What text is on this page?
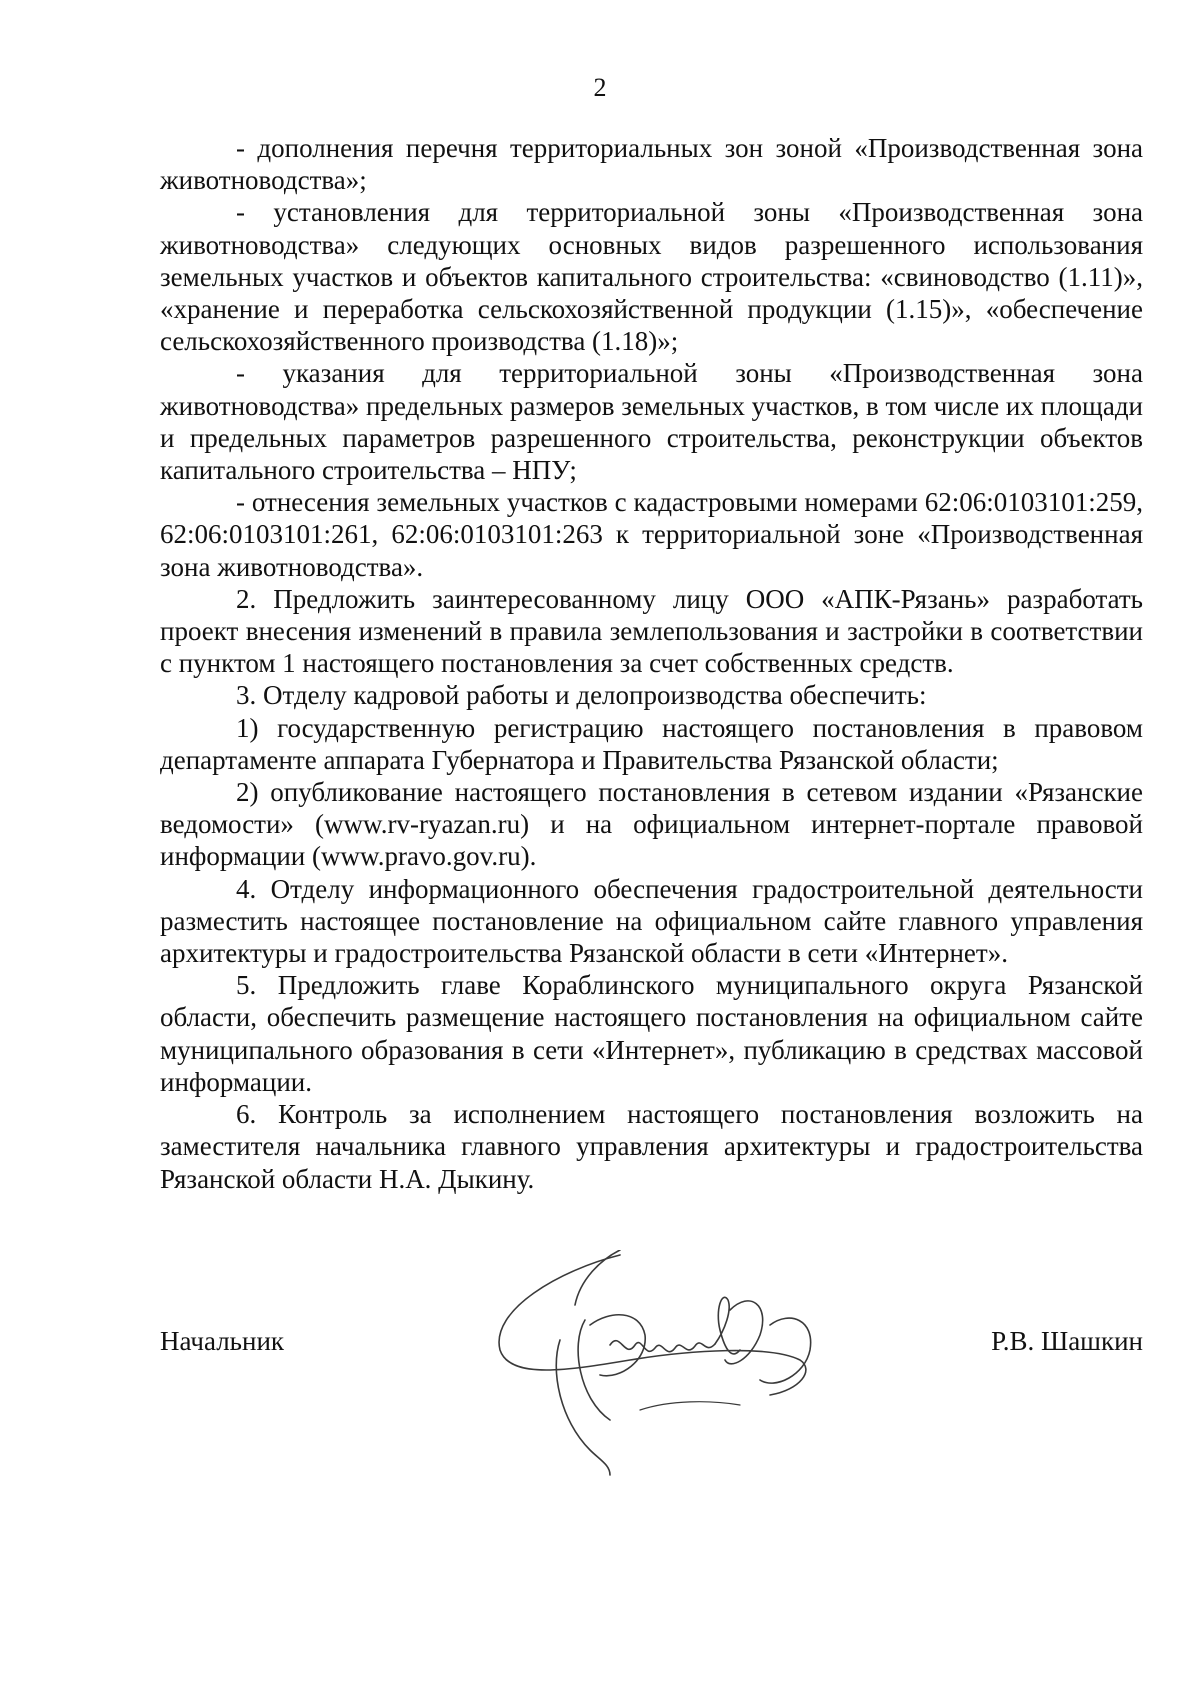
2

- дополнения перечня территориальных зон зоной «Производственная зона животноводства»;

- установления для территориальной зоны «Производственная зона животноводства» следующих основных видов разрешенного использования земельных участков и объектов капитального строительства: «свиноводство (1.11)», «хранение и переработка сельскохозяйственной продукции (1.15)», «обеспечение сельскохозяйственного производства (1.18)»;

- указания для территориальной зоны «Производственная зона животноводства» предельных размеров земельных участков, в том числе их площади и предельных параметров разрешенного строительства, реконструкции объектов капитального строительства – НПУ;

- отнесения земельных участков с кадастровыми номерами 62:06:0103101:259, 62:06:0103101:261, 62:06:0103101:263 к территориальной зоне «Производственная зона животноводства».

2. Предложить заинтересованному лицу ООО «АПК-Рязань» разработать проект внесения изменений в правила землепользования и застройки в соответствии с пунктом 1 настоящего постановления за счет собственных средств.

3. Отделу кадровой работы и делопроизводства обеспечить:

1) государственную регистрацию настоящего постановления в правовом департаменте аппарата Губернатора и Правительства Рязанской области;

2) опубликование настоящего постановления в сетевом издании «Рязанские ведомости» (www.rv-ryazan.ru) и на официальном интернет-портале правовой информации (www.pravo.gov.ru).

4. Отделу информационного обеспечения градостроительной деятельности разместить настоящее постановление на официальном сайте главного управления архитектуры и градостроительства Рязанской области в сети «Интернет».

5. Предложить главе Кораблинского муниципального округа Рязанской области, обеспечить размещение настоящего постановления на официальном сайте муниципального образования в сети «Интернет», публикацию в средствах массовой информации.

6. Контроль за исполнением настоящего постановления возложить на заместителя начальника главного управления архитектуры и градостроительства Рязанской области Н.А. Дыкину.

Начальник	Р.В. Шашкин
